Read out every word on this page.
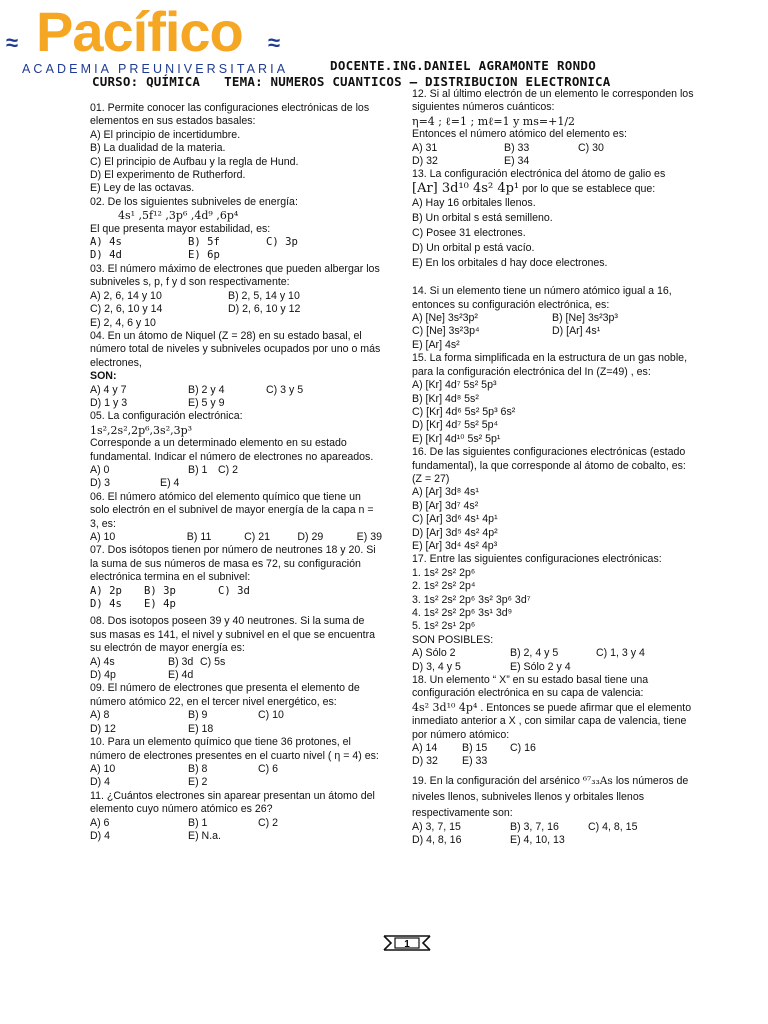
≈ Pacífico ≈
ACADEMIA PREUNIVERSITARIA	DOCENTE.ING.DANIEL AGRAMONTE RONDO
CURSO: QUÍMICA TEMA: NUMEROS CUANTICOS – DISTRIBUCION ELECTRONICA

01. Permite conocer las configuraciones electrónicas de los elementos en sus estados basales:

A) El principio de incertidumbre.
B) La dualidad de la materia.
C) El principio de Aufbau y la regla de Hund.
D) El experimento de Rutherford.
E) Ley de las octavas.

02. De los siguientes subniveles de energía:

4s¹ ,5f¹² ,3p⁶ ,4d⁹ ,6p⁴

El que presenta mayor estabilidad, es:

A) 4s	B) 5f	C) 3p
D) 4d	E) 6p

03. El número máximo de electrones que pueden albergar los subniveles s, p, f y d son respectivamente:

A) 2, 6, 14 y 10	B) 2, 5, 14 y 10
C) 2, 6, 10 y 14	D) 2, 6, 10 y 12
E) 2, 4, 6 y 10

04. En un átomo de Niquel (Z = 28) en su estado basal, el número total de niveles y subniveles ocupados por uno o más electrones,

SON:
A) 4 y 7	B) 2 y 4	C) 3 y 5
D) 1 y 3	E) 5 y 9

05. La configuración electrónica:

1s²,2s²,2p⁶,3s²,3p³

Corresponde a un determinado elemento en su estado fundamental. Indicar el número de electrones no apareados.

A) 0	B) 1 C) 2
D) 3	E) 4

06. El número atómico del elemento químico que tiene un solo electrón en el subnivel de mayor energía de la capa n = 3, es:

A) 10	B) 11	C) 21	D) 29	E) 39

07. Dos isótopos tienen por número de neutrones 18 y 20. Si la suma de sus números de masa es 72, su configuración electrónica termina en el subnivel:

A) 2p	B) 3p	C) 3d
D) 4s	E) 4p

08. Dos isotopos poseen 39 y 40 neutrones. Si la suma de sus masas es 141, el nivel y subnivel en el que se encuentra su electrón de mayor energía es:

A) 4s	B) 3d C) 5s
D) 4p	E) 4d

09. El número de electrones que presenta el elemento de número atómico 22, en el tercer nivel energético, es:

A) 8	B) 9	C) 10
D) 12	E) 18

10. Para un elemento químico que tiene 36 protones, el número de electrones presentes en el cuarto nivel ( η = 4) es:

A) 10	B) 8	C) 6
D) 4	E) 2

11. ¿Cuántos electrones sin aparear presentan un átomo del elemento cuyo número atómico es 26?

A) 6	B) 1	C) 2
D) 4	E) N.a.

12. Si al último electrón de un elemento le corresponden los siguientes números cuánticos:

η=4 ; ℓ=1 ; mℓ=1 y ms=+1/2

Entonces el número atómico del elemento es:

A) 31	B) 33	C) 30
D) 32	E) 34

13. La configuración electrónica del átomo de galio es

[Ar] 3d¹⁰ 4s² 4p¹ por lo que se establece que:
A) Hay 16 orbitales llenos.
B) Un orbital s está semilleno.
C) Posee 31 electrones.
D) Un orbital p está vacío.
E) En los orbitales d hay doce electrones.

14. Si un elemento tiene un número atómico igual a 16, entonces su configuración electrónica, es:

A) [Ne] 3s²3p²	B) [Ne] 3s²3p³
C) [Ne] 3s²3p⁴	D) [Ar] 4s¹
E) [Ar] 4s²

15. La forma simplificada en la estructura de un gas noble, para la configuración electrónica del In (Z=49) , es:

A) [Kr] 4d⁷ 5s² 5p³
B) [Kr] 4d⁸ 5s²
C) [Kr] 4d⁶ 5s² 5p³ 6s²
D) [Kr] 4d⁷ 5s² 5p⁴
E) [Kr] 4d¹⁰ 5s² 5p¹

16. De las siguientes configuraciones electrónicas (estado fundamental), la que corresponde al átomo de cobalto, es:

(Z = 27)
A) [Ar] 3d⁸ 4s¹
B) [Ar] 3d⁷ 4s²
C) [Ar] 3d⁶ 4s¹ 4p¹
D) [Ar] 3d⁵ 4s² 4p²
E) [Ar] 3d⁴ 4s² 4p³

17. Entre las siguientes configuraciones electrónicas:

1. 1s² 2s² 2p⁶
2. 1s² 2s² 2p⁴
3. 1s² 2s² 2p⁶ 3s² 3p⁶ 3d⁷
4. 1s² 2s² 2p⁶ 3s¹ 3d⁹
5. 1s² 2s¹ 2p⁶
SON POSIBLES:
A) Sólo 2	B) 2, 4 y 5	C) 1, 3 y 4
D) 3, 4 y 5	E) Sólo 2 y 4

18. Un elemento “ X” en su estado basal tiene una configuración electrónica en su capa de valencia:

4s² 3d¹⁰ 4p⁴ . Entonces se puede afirmar que el elemento inmediato anterior a X , con similar capa de valencia, tiene por número atómico:

A) 14	B) 15	C) 16
D) 32	E) 33

19. En la configuración del arsénico ⁶⁷₃₃As los números de niveles llenos, subniveles llenos y orbitales llenos respectivamente son:

A) 3, 7, 15	B) 3, 7, 16	C) 4, 8, 15
D) 4, 8, 16	E) 4, 10, 13
1
